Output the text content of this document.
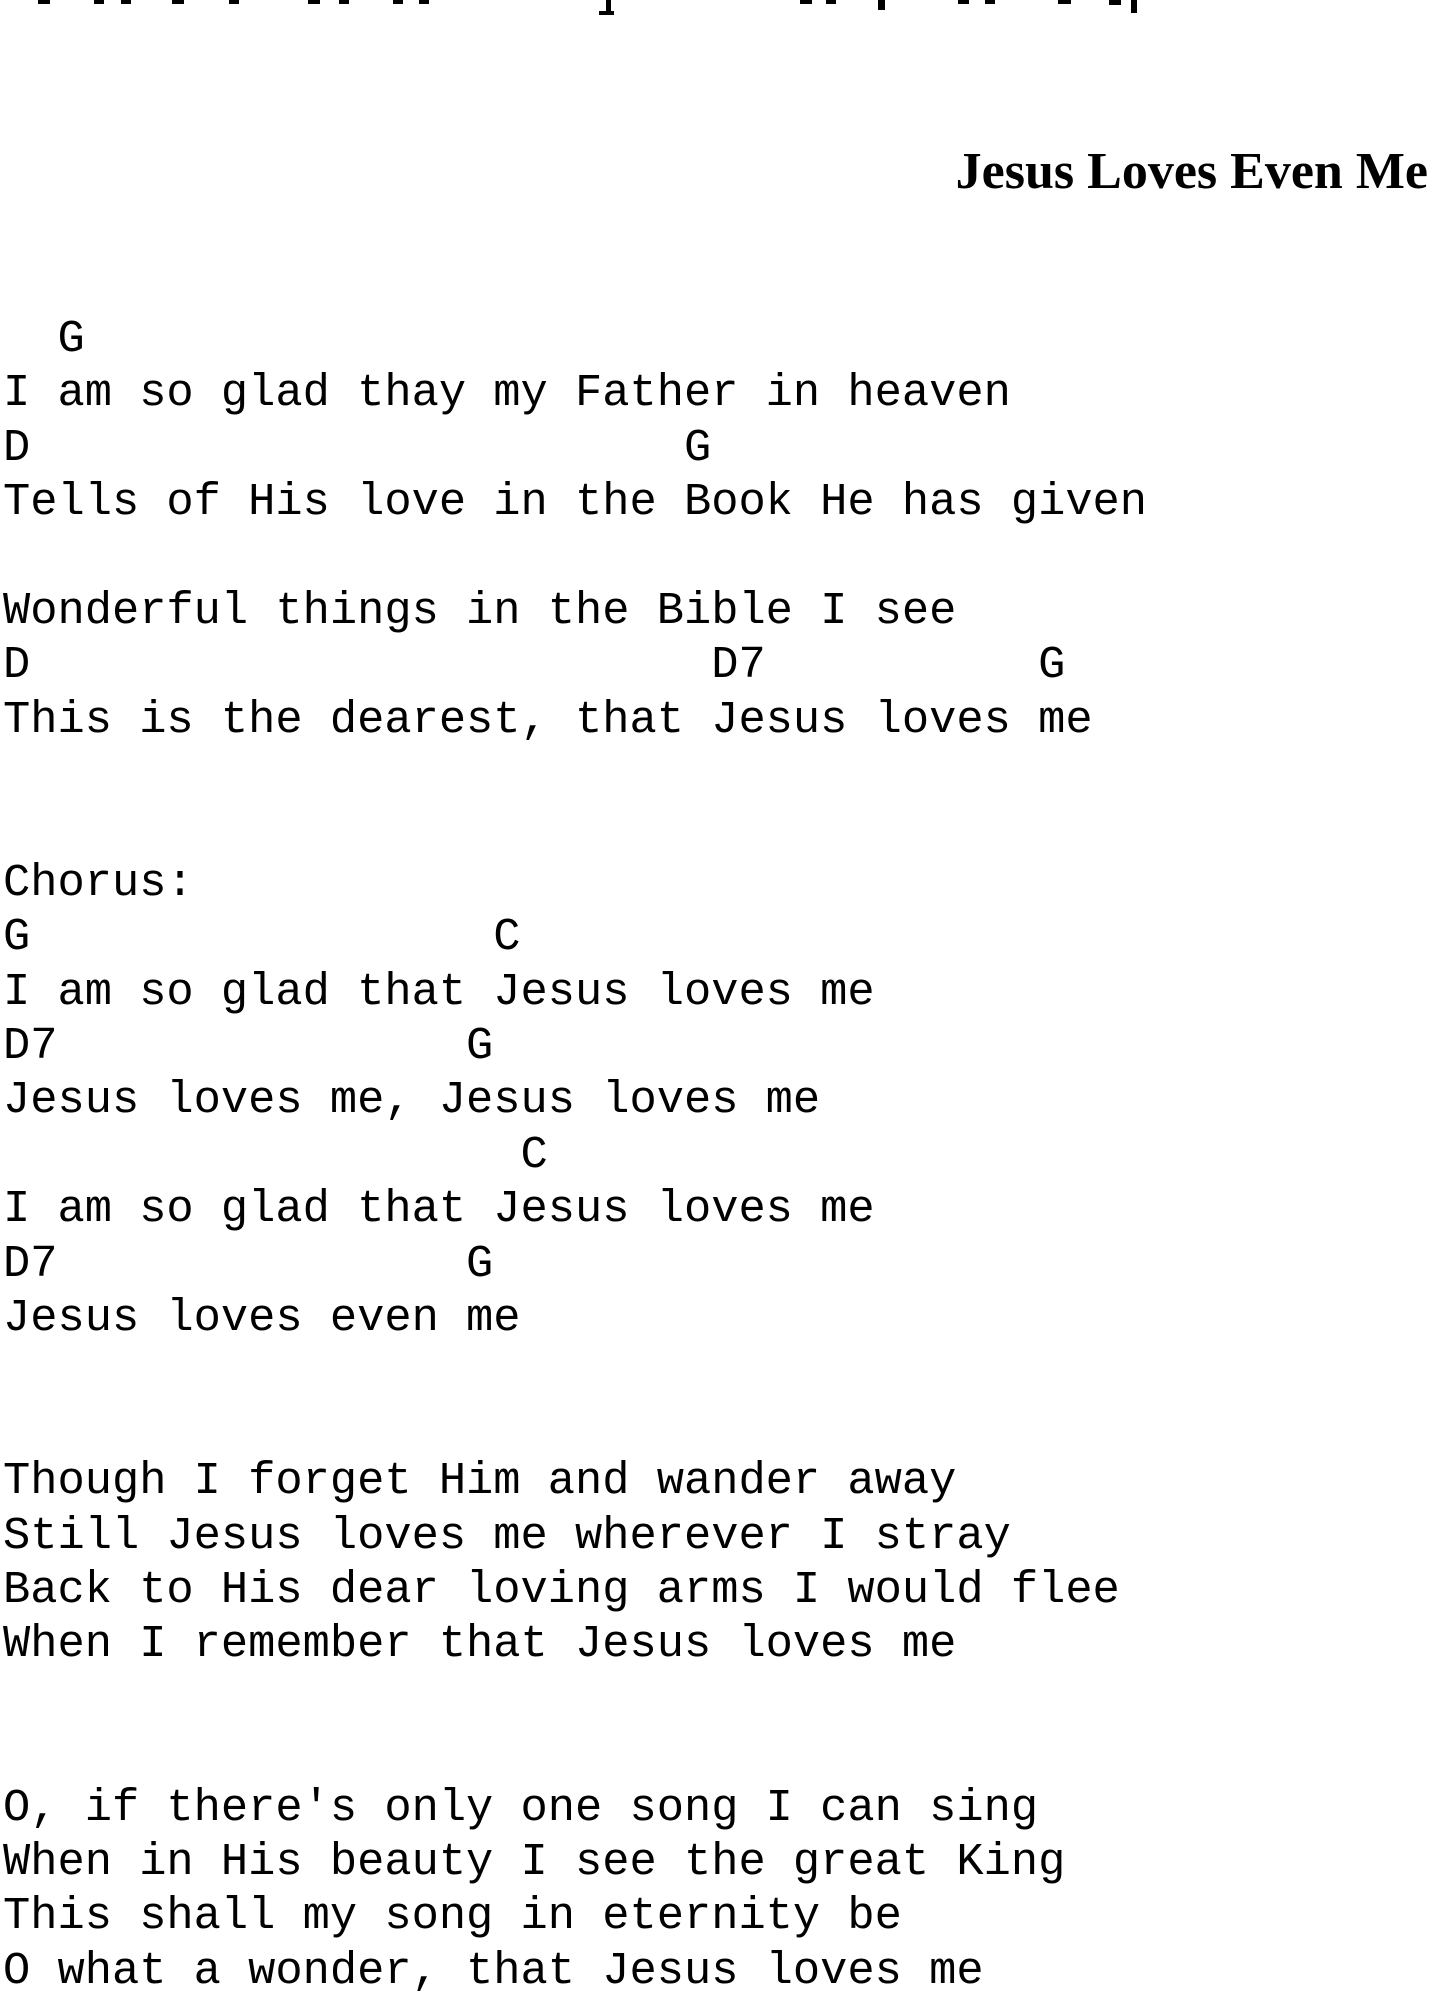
Jesus Loves Even Me
G
I am so glad thay my Father in heaven
D                        G
Tells of His love in the Book He has given
Wonderful things in the Bible I see
D                         D7          G
This is the dearest, that Jesus loves me
Chorus:
G                 C
I am so glad that Jesus loves me
D7               G
Jesus loves me, Jesus loves me
C
I am so glad that Jesus loves me
D7               G
Jesus loves even me
Though I forget Him and wander away
Still Jesus loves me wherever I stray
Back to His dear loving arms I would flee
When I remember that Jesus loves me
O, if there's only one song I can sing
When in His beauty I see the great King
This shall my song in eternity be
O what a wonder, that Jesus loves me
